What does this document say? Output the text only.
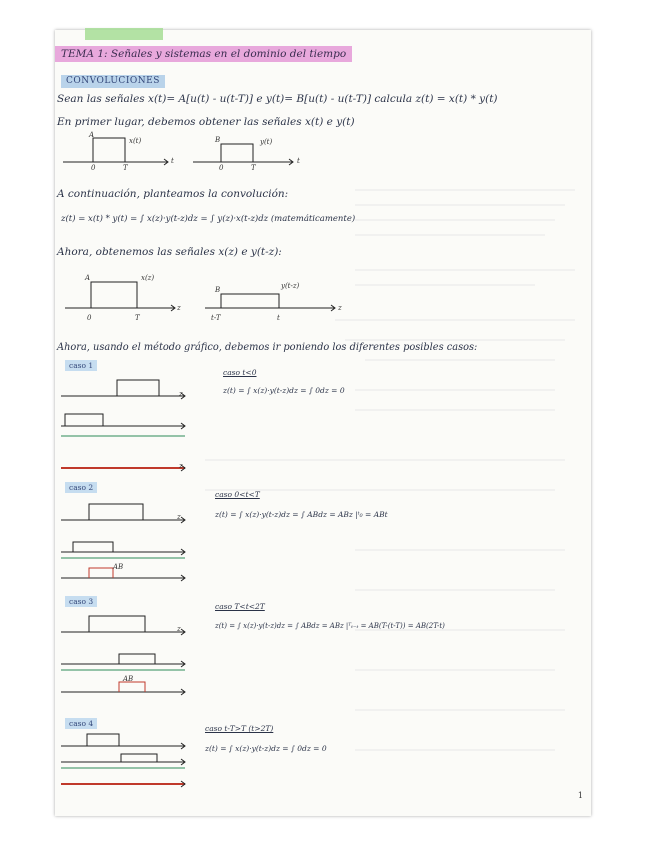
TEMA 1: Señales y sistemas en el dominio del tiempo
CONVOLUCIONES
Sean las señales x(t)= A[u(t) - u(t-T)] e y(t)= B[u(t) - u(t-T)] calcula z(t) = x(t) * y(t)
En primer lugar, debemos obtener las señales x(t) e y(t)
A
x(t)
0	T
t
B	y(t)
0	T
t
A continuación, planteamos la convolución:
z(t) = x(t) * y(t) = ∫ x(z)·y(t-z)dz = ∫ y(z)·x(t-z)dz (matemáticamente)
Ahora, obtenemos las señales x(z) e y(t-z):
A	x(z)
0	T
z
B	y(t-z)
t-T	t
z
Ahora, usando el método gráfico, debemos ir poniendo los diferentes posibles casos:
caso 1
z
z
caso t<0
z(t) = ∫ x(z)·y(t-z)dz = ∫ 0dz = 0
caso 2
z
AB
caso 0<t<T
z(t) = ∫ x(z)·y(t-z)dz = ∫ ABdz = ABz |ᵗ₀ = ABt
caso 3
z
AB
caso T<t<2T
z(t) = ∫ x(z)·y(t-z)dz = ∫ ABdz = ABz |ᵀₜ₋ₜ = AB(T-(t-T)) = AB(2T-t)
caso 4
caso t-T>T (t>2T)
z(t) = ∫ x(z)·y(t-z)dz = ∫ 0dz = 0
1
